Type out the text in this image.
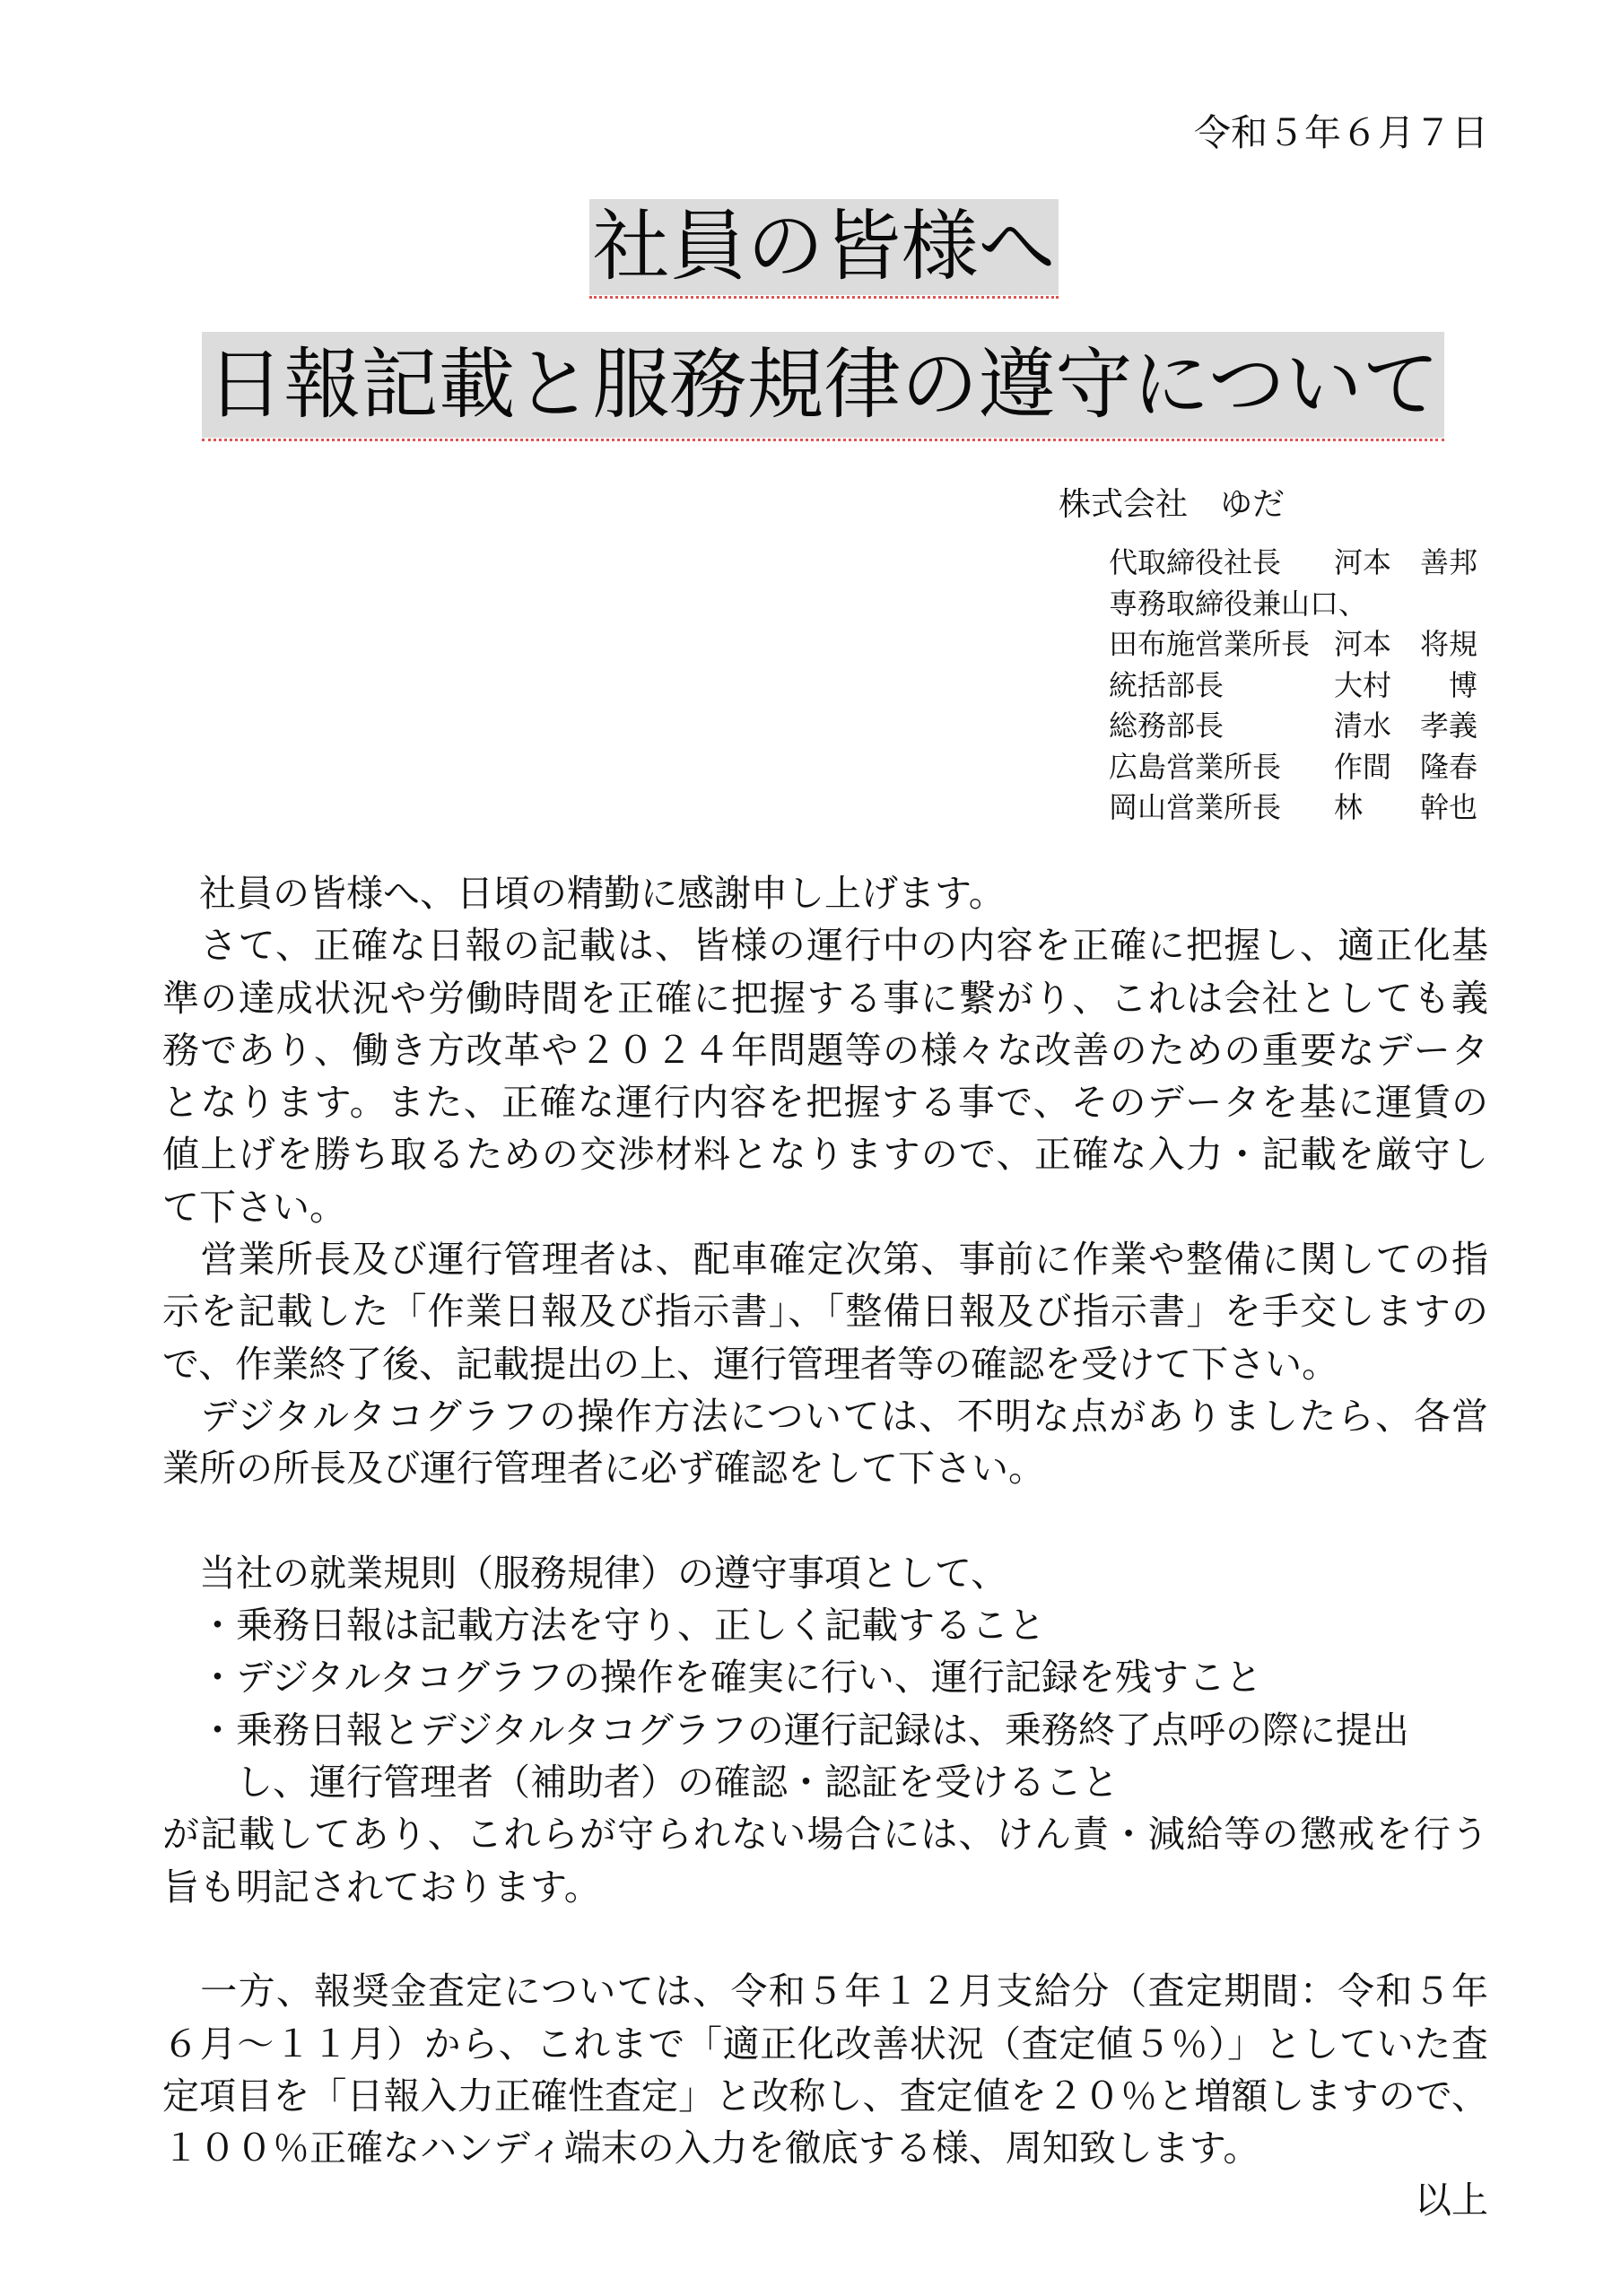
令和５年６月７日
社員の皆様へ
日報記載と服務規律の遵守について
株式会社　ゆだ
代取締役社長 河本　善邦
専務取締役兼山口、
田布施営業所長 河本　将規
統括部長	大村　　博
総務部長	清水　孝義
広島営業所長 作間　隆春
岡山営業所長 林　　幹也
　社員の皆様へ、日頃の精勤に感謝申し上げます。
　さて、正確な日報の記載は、皆様の運行中の内容を正確に把握し、適正化基
準の達成状況や労働時間を正確に把握する事に繋がり、これは会社としても義
務であり、働き方改革や２０２４年問題等の様々な改善のための重要なデータ
となります。また、正確な運行内容を把握する事で、そのデータを基に運賃の
値上げを勝ち取るための交渉材料となりますので、正確な入力・記載を厳守し
て下さい。
　営業所長及び運行管理者は、配車確定次第、事前に作業や整備に関しての指
示を記載した「作業日報及び指示書」、「整備日報及び指示書」を手交しますの
で、作業終了後、記載提出の上、運行管理者等の確認を受けて下さい。
　デジタルタコグラフの操作方法については、不明な点がありましたら、各営
業所の所長及び運行管理者に必ず確認をして下さい。
　当社の就業規則（服務規律）の遵守事項として、
　・乗務日報は記載方法を守り、正しく記載すること
　・デジタルタコグラフの操作を確実に行い、運行記録を残すこと
　・乗務日報とデジタルタコグラフの運行記録は、乗務終了点呼の際に提出
　　し、運行管理者（補助者）の確認・認証を受けること
が記載してあり、これらが守られない場合には、けん責・減給等の懲戒を行う
旨も明記されております。
　一方、報奨金査定については、令和５年１２月支給分（査定期間：令和５年
６月～１１月）から、これまで「適正化改善状況（査定値５％）」としていた査
定項目を「日報入力正確性査定」と改称し、査定値を２０％と増額しますので、
１００％正確なハンディ端末の入力を徹底する様、周知致します。
以上
